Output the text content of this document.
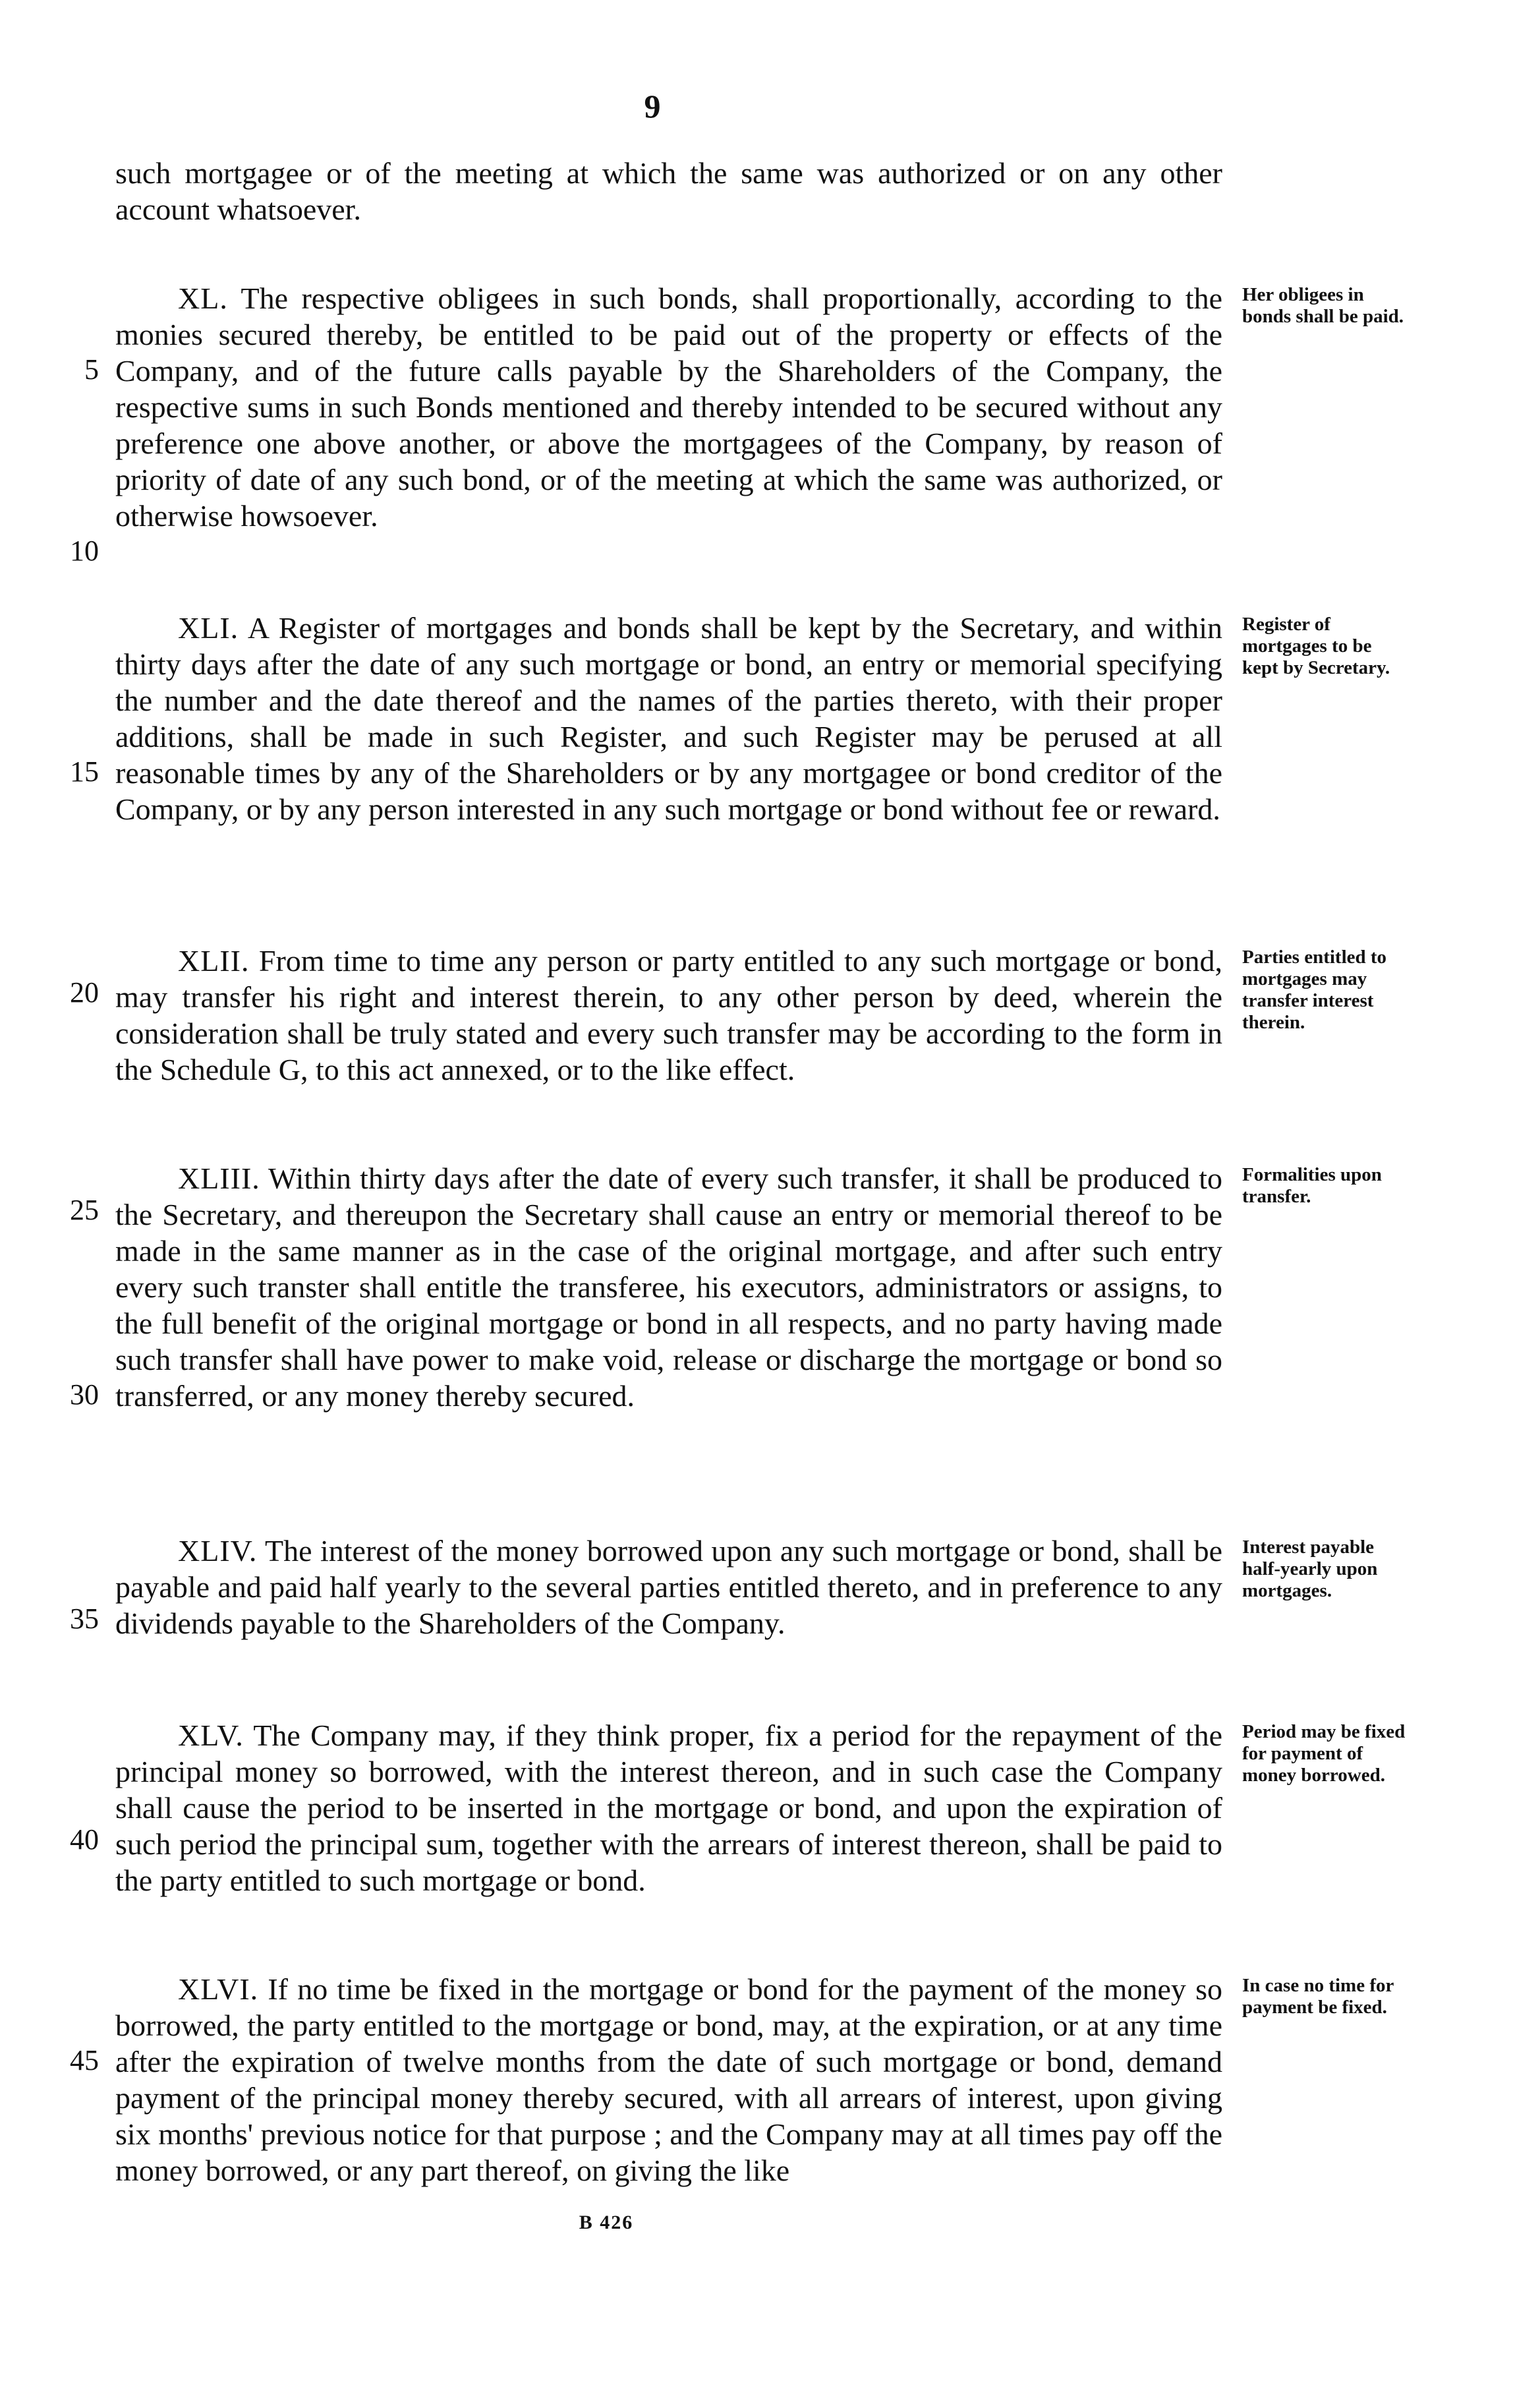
9
such mortgagee or of the meeting at which the same was authorized or on any other account whatsoever.
XL. The respective obligees in such bonds, shall proportionally, according to the monies secured thereby, be entitled to be paid out of the property or effects of the Company, and of the future calls payable by the Shareholders of the Company, the respective sums in such Bonds mentioned and thereby intended to be secured without any preference one above another, or above the mortgagees of the Company, by reason of priority of date of any such bond, or of the meeting at which the same was authorized, or otherwise howsoever.
Her obligees in bonds shall be paid.
XLI. A Register of mortgages and bonds shall be kept by the Secretary, and within thirty days after the date of any such mortgage or bond, an entry or memorial specifying the number and the date thereof and the names of the parties thereto, with their proper additions, shall be made in such Register, and such Register may be perused at all reasonable times by any of the Shareholders or by any mortgagee or bond creditor of the Company, or by any person interested in any such mortgage or bond without fee or reward.
Register of mortgages to be kept by Secretary.
XLII. From time to time any person or party entitled to any such mortgage or bond, may transfer his right and interest therein, to any other person by deed, wherein the consideration shall be truly stated and every such transfer may be according to the form in the Schedule G, to this act annexed, or to the like effect.
Parties entitled to mortgages may transfer interest therein.
XLIII. Within thirty days after the date of every such transfer, it shall be produced to the Secretary, and thereupon the Secretary shall cause an entry or memorial thereof to be made in the same manner as in the case of the original mortgage, and after such entry every such transter shall entitle the transferee, his executors, administrators or assigns, to the full benefit of the original mortgage or bond in all respects, and no party having made such transfer shall have power to make void, release or discharge the mortgage or bond so transferred, or any money thereby secured.
Formalities upon transfer.
XLIV. The interest of the money borrowed upon any such mortgage or bond, shall be payable and paid half yearly to the several parties entitled thereto, and in preference to any dividends payable to the Shareholders of the Company.
Interest payable half-yearly upon mortgages.
XLV. The Company may, if they think proper, fix a period for the repayment of the principal money so borrowed, with the interest thereon, and in such case the Company shall cause the period to be inserted in the mortgage or bond, and upon the expiration of such period the principal sum, together with the arrears of interest thereon, shall be paid to the party entitled to such mortgage or bond.
Period may be fixed for payment of money borrowed.
XLVI. If no time be fixed in the mortgage or bond for the payment of the money so borrowed, the party entitled to the mortgage or bond, may, at the expiration, or at any time after the expiration of twelve months from the date of such mortgage or bond, demand payment of the principal money thereby secured, with all arrears of interest, upon giving six months' previous notice for that purpose ; and the Company may at all times pay off the money borrowed, or any part thereof, on giving the like
In case no time for payment be fixed.
5
10
15
20
25
30
35
40
45
B 426
